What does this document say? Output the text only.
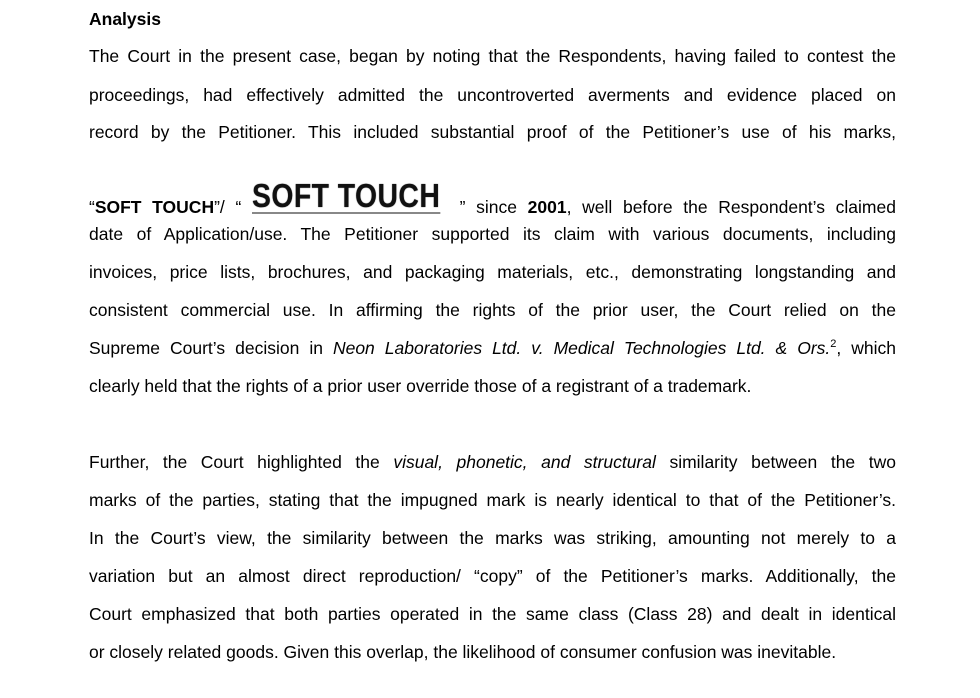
Analysis
The Court in the present case, began by noting that the Respondents, having failed to contest the
proceedings, had effectively admitted the uncontroverted averments and evidence placed on
record by the Petitioner. This included substantial proof of the Petitioner’s use of his marks,
“SOFT TOUCH”/ “ SOFT TOUCH ” since 2001, well before the Respondent’s claimed
date of Application/use. The Petitioner supported its claim with various documents, including
invoices, price lists, brochures, and packaging materials, etc., demonstrating longstanding and
consistent commercial use. In affirming the rights of the prior user, the Court relied on the
Supreme Court’s decision in Neon Laboratories Ltd. v. Medical Technologies Ltd. & Ors.$^2$, which
clearly held that the rights of a prior user override those of a registrant of a trademark.
Further, the Court highlighted the visual, phonetic, and structural similarity between the two
marks of the parties, stating that the impugned mark is nearly identical to that of the Petitioner’s.
In the Court’s view, the similarity between the marks was striking, amounting not merely to a
variation but an almost direct reproduction/ “copy” of the Petitioner’s marks. Additionally, the
Court emphasized that both parties operated in the same class (Class 28) and dealt in identical
or closely related goods. Given this overlap, the likelihood of consumer confusion was inevitable.
